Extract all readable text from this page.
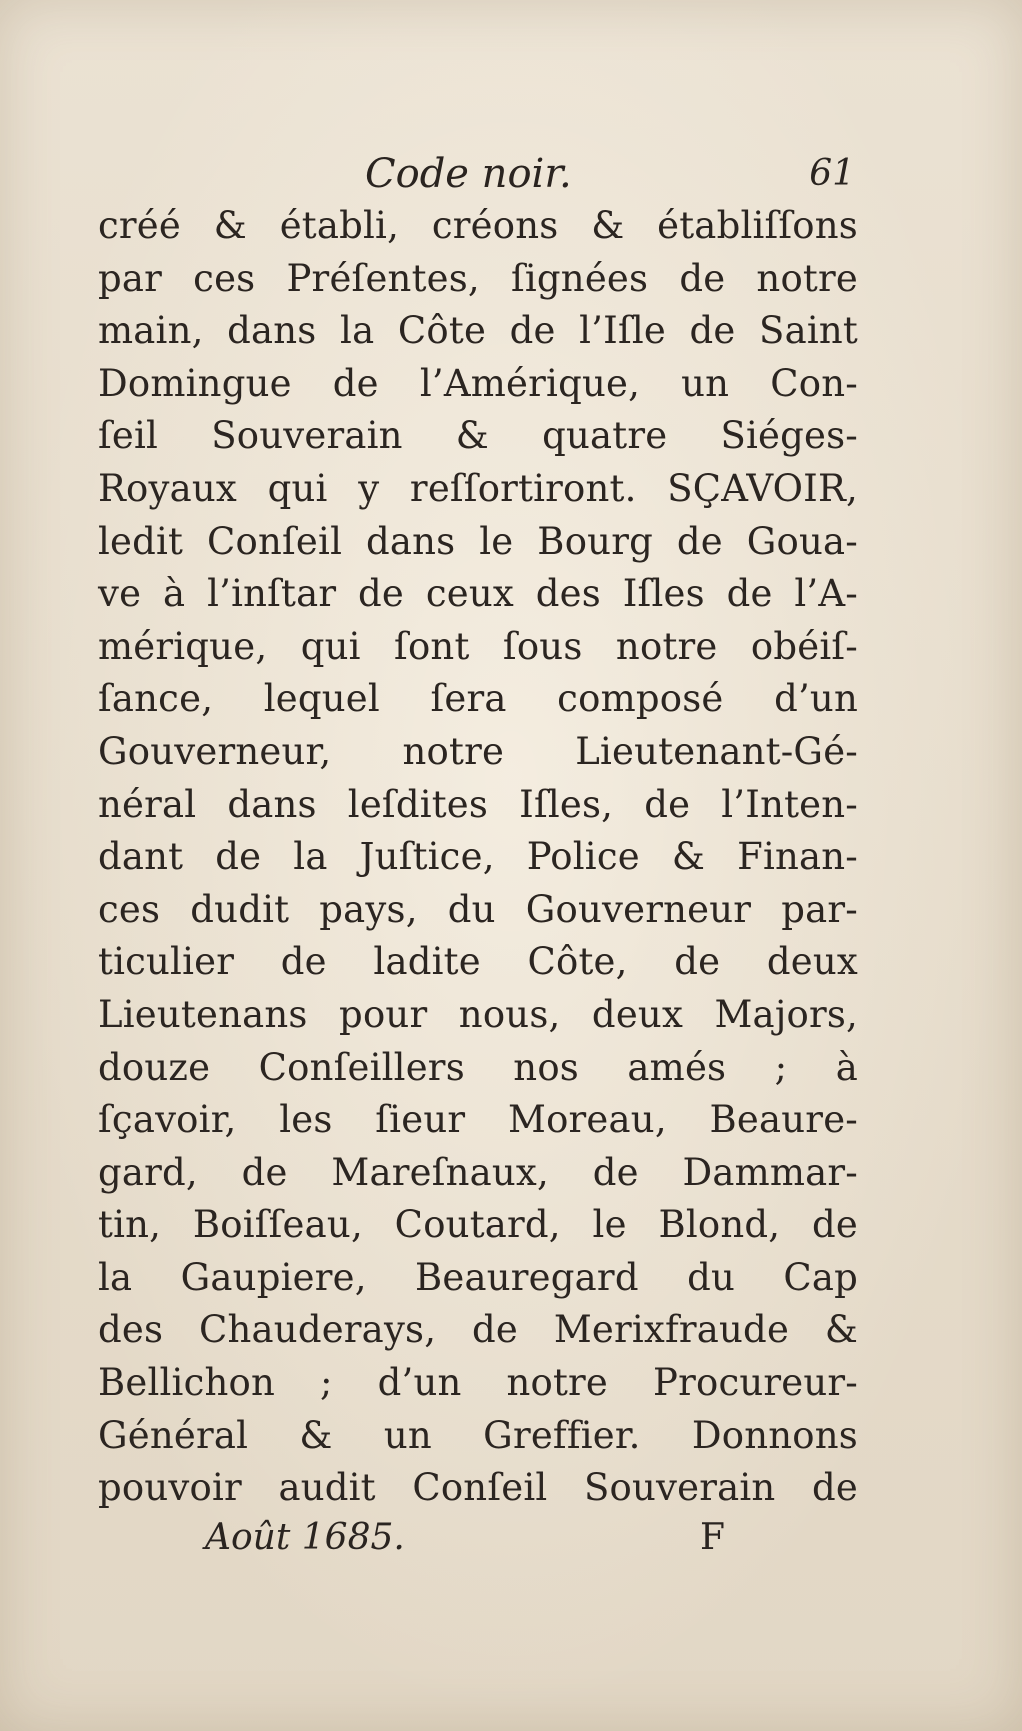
Code noir.	61
créé & établi, créons & établiſſons
par ces Préſentes, ſignées de notre
main, dans la Côte de l’Iſle de Saint
Domingue de l’Amérique, un Con-
ſeil Souverain & quatre Siéges-
Royaux qui y reſſortiront. SÇAVOIR,
ledit Conſeil dans le Bourg de Goua-
ve à l’inſtar de ceux des Iſles de l’A-
mérique, qui ſont ſous notre obéiſ-
ſance, lequel ſera composé d’un
Gouverneur, notre Lieutenant-Gé-
néral dans leſdites Iſles, de l’Inten-
dant de la Juſtice, Police & Finan-
ces dudit pays, du Gouverneur par-
ticulier de ladite Côte, de deux
Lieutenans pour nous, deux Majors,
douze Conſeillers nos amés ; à
ſçavoir, les ſieur Moreau, Beaure-
gard, de Mareſnaux, de Dammar-
tin, Boiſſeau, Coutard, le Blond, de
la Gaupiere, Beauregard du Cap
des Chauderays, de Merixfraude &
Bellichon ; d’un notre Procureur-
Général & un Greffier. Donnons
pouvoir audit Conſeil Souverain de
Août 1685.	F
